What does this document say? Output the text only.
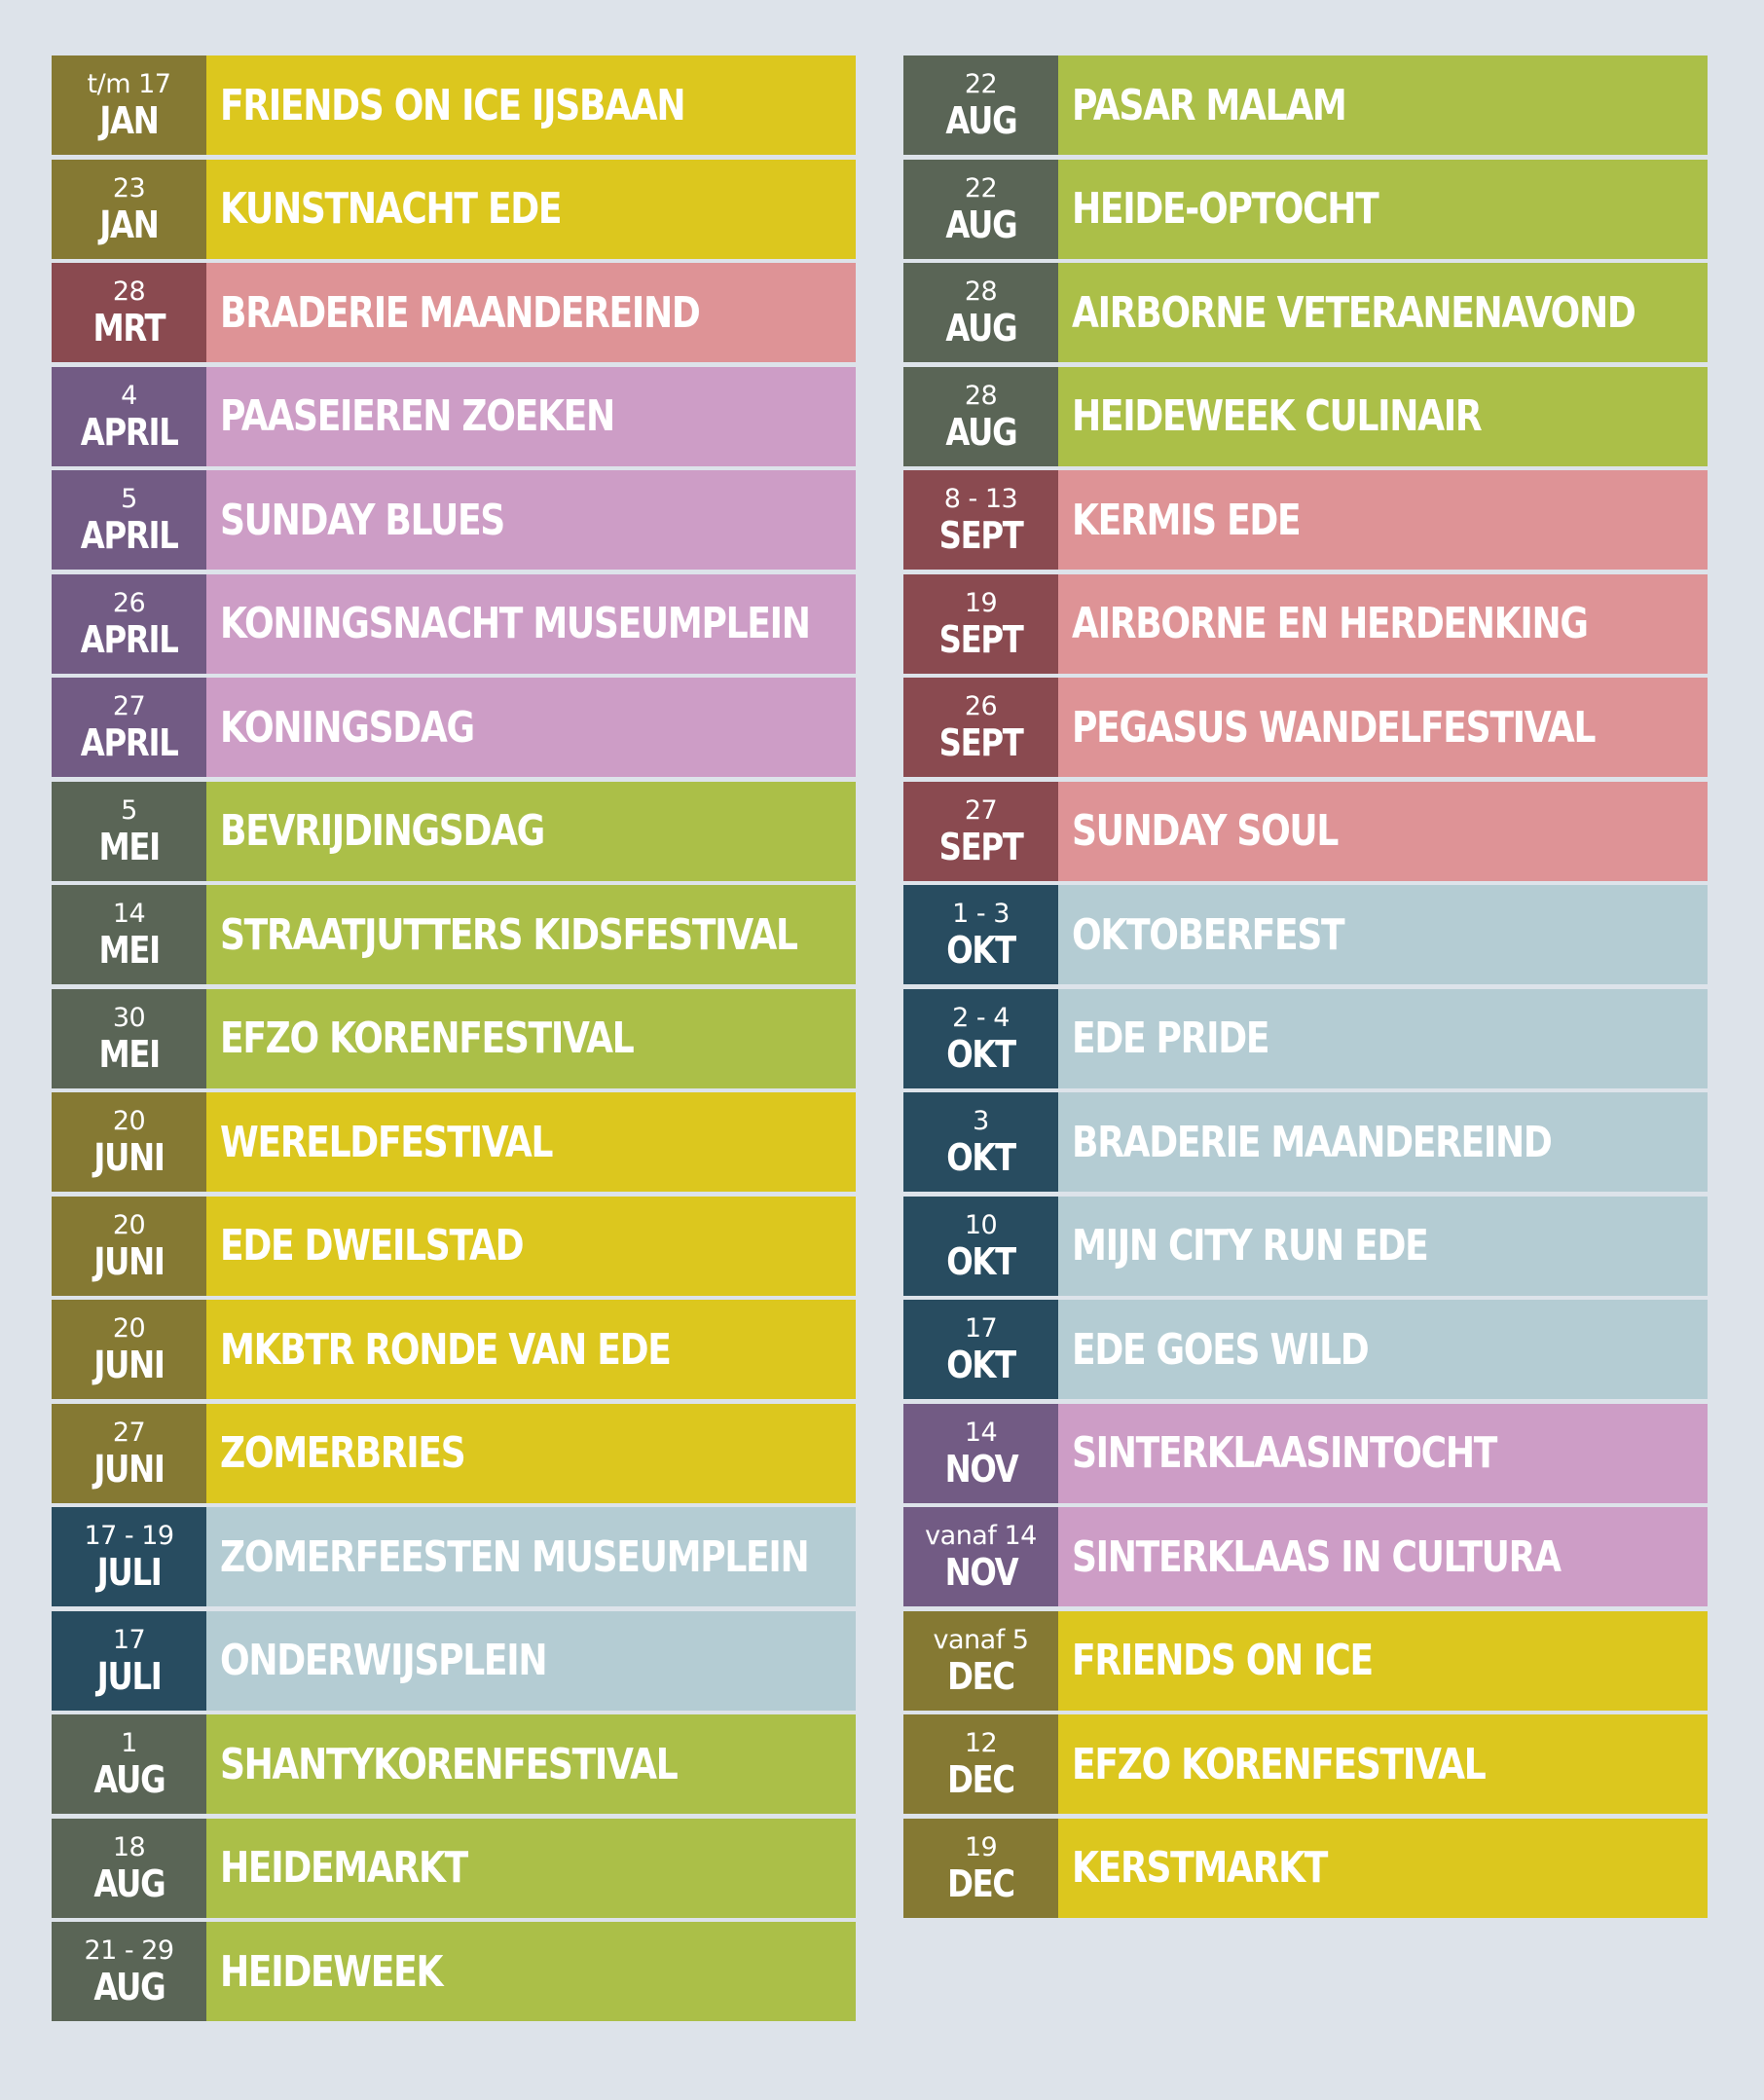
t/m 17
JAN FRIENDS ON ICE IJSBAAN
23
JAN KUNSTNACHT EDE
28
MRT BRADERIE MAANDEREIND
4
APRIL PAASEIEREN ZOEKEN
5
APRIL SUNDAY BLUES
26
APRIL KONINGSNACHT MUSEUMPLEIN
27
APRIL KONINGSDAG
5
MEI BEVRIJDINGSDAG
14
MEI STRAATJUTTERS KIDSFESTIVAL
30
MEI EFZO KORENFESTIVAL
20
JUNI WERELDFESTIVAL
20
JUNI EDE DWEILSTAD
20
JUNI MKBTR RONDE VAN EDE
27
JUNI ZOMERBRIES
17 - 19
JULI ZOMERFEESTEN MUSEUMPLEIN
17
JULI ONDERWIJSPLEIN
1
AUG SHANTYKORENFESTIVAL
18
AUG HEIDEMARKT
21 - 29
AUG HEIDEWEEK
22
AUG PASAR MALAM
22
AUG HEIDE-OPTOCHT
28
AUG AIRBORNE VETERANENAVOND
28
AUG HEIDEWEEK CULINAIR
8 - 13
SEPT KERMIS EDE
19
SEPT AIRBORNE EN HERDENKING
26
SEPT PEGASUS WANDELFESTIVAL
27
SEPT SUNDAY SOUL
1 - 3
OKT OKTOBERFEST
2 - 4
OKT EDE PRIDE
3
OKT BRADERIE MAANDEREIND
10
OKT MIJN CITY RUN EDE
17
OKT EDE GOES WILD
14
NOV SINTERKLAASINTOCHT
vanaf 14
NOV SINTERKLAAS IN CULTURA
vanaf 5
DEC FRIENDS ON ICE
12
DEC EFZO KORENFESTIVAL
19
DEC KERSTMARKT
